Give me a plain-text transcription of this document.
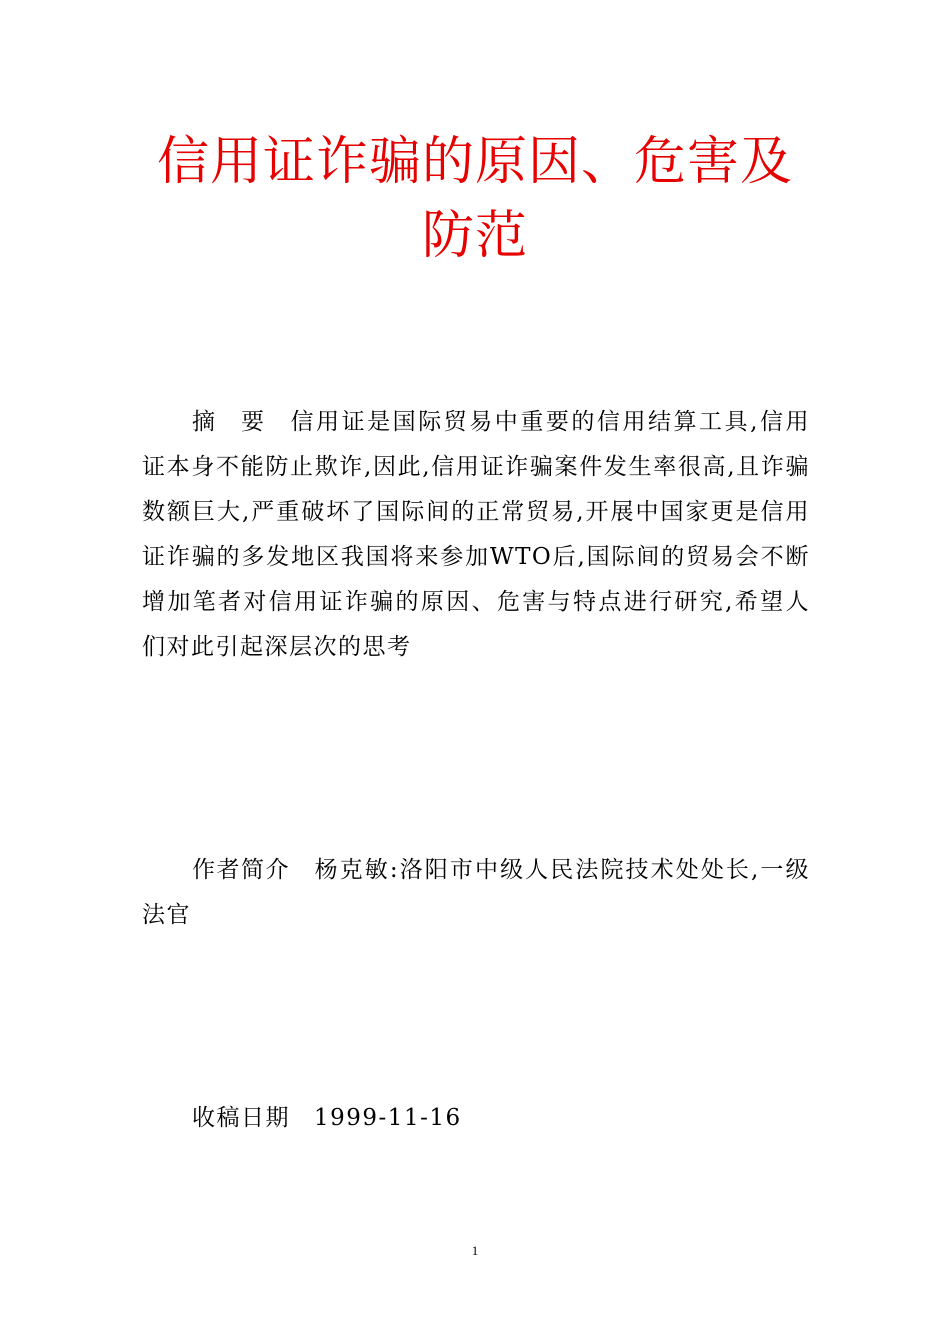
信用证诈骗的原因、危害及防范

摘　要 信用证是国际贸易中重要的信用结算工具,信用证本身不能防止欺诈,因此,信用证诈骗案件发生率很高,且诈骗数额巨大,严重破坏了国际间的正常贸易,开展中国家更是信用证诈骗的多发地区我国将来参加WTO后,国际间的贸易会不断增加笔者对信用证诈骗的原因、危害与特点进行研究,希望人们对此引起深层次的思考

作者简介 杨克敏:洛阳市中级人民法院技术处处长,一级法官

收稿日期 1999-11-16

1
